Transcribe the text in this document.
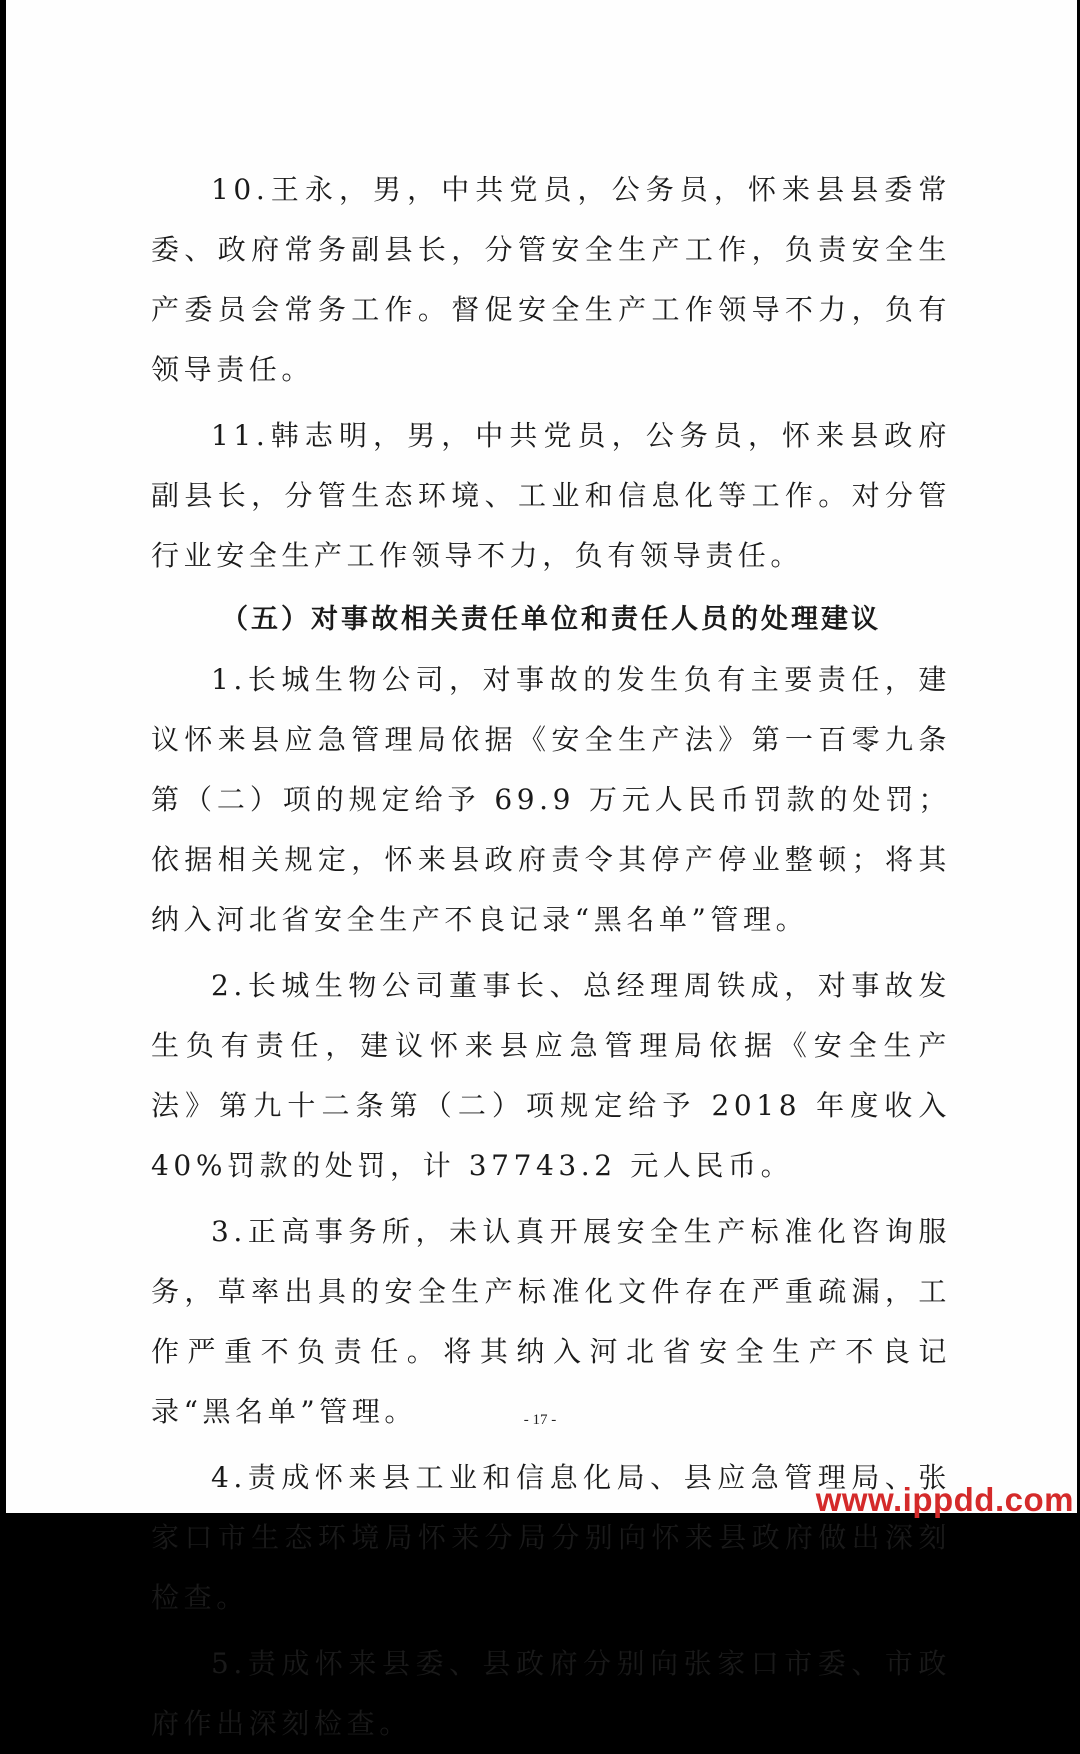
10.王永，男，中共党员，公务员，怀来县县委常委、政府常务副县长，分管安全生产工作，负责安全生产委员会常务工作。督促安全生产工作领导不力，负有领导责任。

11.韩志明，男，中共党员，公务员，怀来县政府副县长，分管生态环境、工业和信息化等工作。对分管行业安全生产工作领导不力，负有领导责任。

（五）对事故相关责任单位和责任人员的处理建议

1.长城生物公司，对事故的发生负有主要责任，建议怀来县应急管理局依据《安全生产法》第一百零九条第（二）项的规定给予 69.9 万元人民币罚款的处罚；依据相关规定，怀来县政府责令其停产停业整顿；将其纳入河北省安全生产不良记录“黑名单”管理。

2.长城生物公司董事长、总经理周铁成，对事故发生负有责任，建议怀来县应急管理局依据《安全生产法》第九十二条第（二）项规定给予 2018 年度收入 40%罚款的处罚，计 37743.2 元人民币。

3.正高事务所，未认真开展安全生产标准化咨询服务，草率出具的安全生产标准化文件存在严重疏漏，工作严重不负责任。将其纳入河北省安全生产不良记录“黑名单”管理。

4.责成怀来县工业和信息化局、县应急管理局、张家口市生态环境局怀来分局分别向怀来县政府做出深刻检查。

5.责成怀来县委、县政府分别向张家口市委、市政府作出深刻检查。

- 17 -
www.ippdd.com
